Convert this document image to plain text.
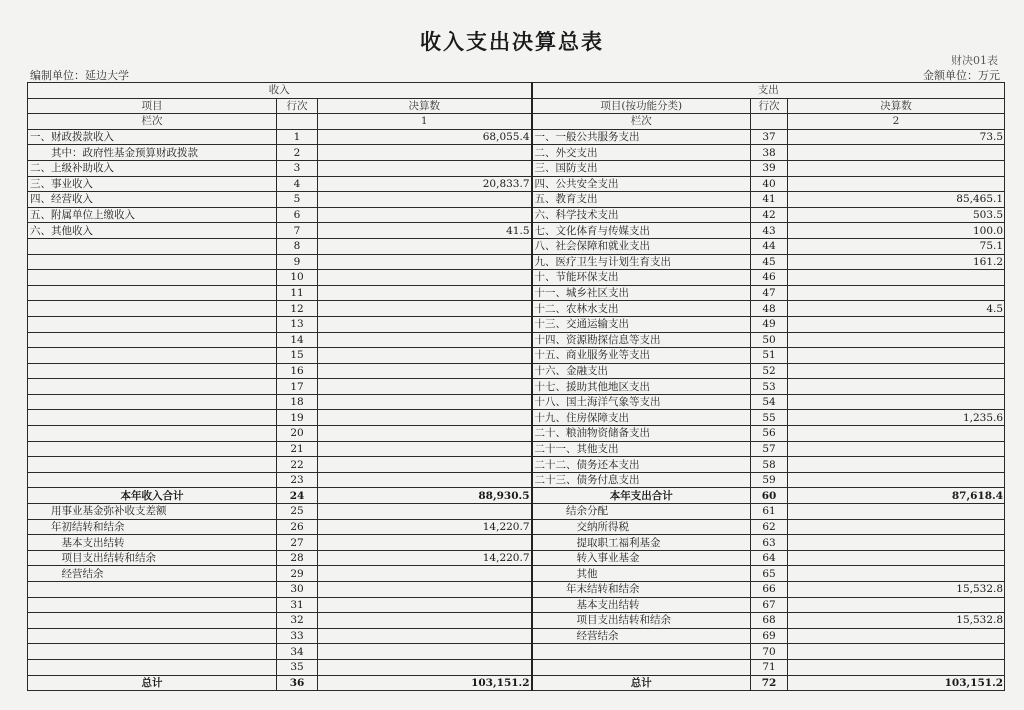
收入支出决算总表
财决01表
编制单位：延边大学	金额单位：万元
收入			支出		
项目	行次	决算数	项目(按功能分类)	行次	决算数
栏次		1	栏次		2
一、财政拨款收入	1	68,055.4	一、一般公共服务支出	37	73.5
　　其中：政府性基金预算财政拨款	2		二、外交支出	38	
二、上级补助收入	3		三、国防支出	39	
三、事业收入	4	20,833.7	四、公共安全支出	40	
四、经营收入	5		五、教育支出	41	85,465.1
五、附属单位上缴收入	6		六、科学技术支出	42	503.5
六、其他收入	7	41.5	七、文化体育与传媒支出	43	100.0
	8		八、社会保障和就业支出	44	75.1
	9		九、医疗卫生与计划生育支出	45	161.2
	10		十、节能环保支出	46	
	11		十一、城乡社区支出	47	
	12		十二、农林水支出	48	4.5
	13		十三、交通运输支出	49	
	14		十四、资源勘探信息等支出	50	
	15		十五、商业服务业等支出	51	
	16		十六、金融支出	52	
	17		十七、援助其他地区支出	53	
	18		十八、国土海洋气象等支出	54	
	19		十九、住房保障支出	55	1,235.6
	20		二十、粮油物资储备支出	56	
	21		二十一、其他支出	57	
	22		二十二、债务还本支出	58	
	23		二十三、债务付息支出	59	
本年收入合计	24	88,930.5	本年支出合计	60	87,618.4
　　用事业基金弥补收支差额	25		　　　结余分配	61	
　　年初结转和结余	26	14,220.7	　　　　交纳所得税	62	
　　　基本支出结转	27		　　　　提取职工福利基金	63	
　　　项目支出结转和结余	28	14,220.7	　　　　转入事业基金	64	
　　　经营结余	29		　　　　其他	65	
	30		　　　年末结转和结余	66	15,532.8
	31		　　　　基本支出结转	67	
	32		　　　　项目支出结转和结余	68	15,532.8
	33		　　　　经营结余	69	
	34			70	
	35			71	
总计	36	103,151.2	总计	72	103,151.2
